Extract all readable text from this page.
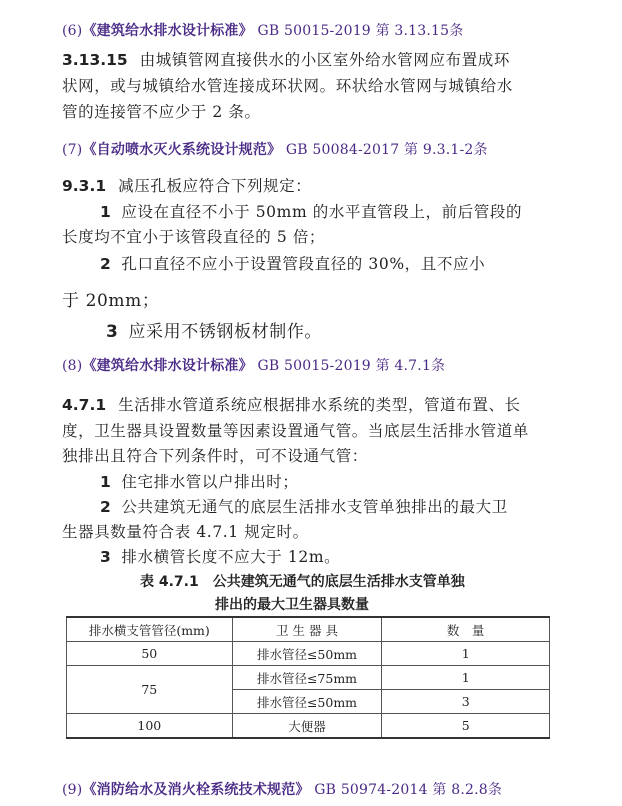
(6)《建筑给水排水设计标准》 GB 50015-2019 第 3.13.15条
3.13.15 由城镇管网直接供水的小区室外给水管网应布置成环
状网，或与城镇给水管连接成环状网。环状给水管网与城镇给水
管的连接管不应少于 2 条。
(7)《自动喷水灭火系统设计规范》 GB 50084-2017 第 9.3.1-2条
9.3.1 减压孔板应符合下列规定：
1 应设在直径不小于 50mm 的水平直管段上，前后管段的
长度均不宜小于该管段直径的 5 倍；
2 孔口直径不应小于设置管段直径的 30%，且不应小
于 20mm；
3 应采用不锈钢板材制作。
(8)《建筑给水排水设计标准》 GB 50015-2019 第 4.7.1条
4.7.1 生活排水管道系统应根据排水系统的类型，管道布置、长
度，卫生器具设置数量等因素设置通气管。当底层生活排水管道单
独排出且符合下列条件时，可不设通气管：
1 住宅排水管以户排出时；
2 公共建筑无通气的底层生活排水支管单独排出的最大卫
生器具数量符合表 4.7.1 规定时。
3 排水横管长度不应大于 12m。
表 4.7.1　公共建筑无通气的底层生活排水支管单独
排出的最大卫生器具数量
排水横支管管径(mm)	卫 生 器 具	数　量
50	排水管径≤50mm	1
75	排水管径≤75mm	1
	排水管径≤50mm	3
100	大便器	5
(9)《消防给水及消火栓系统技术规范》 GB 50974-2014 第 8.2.8条
